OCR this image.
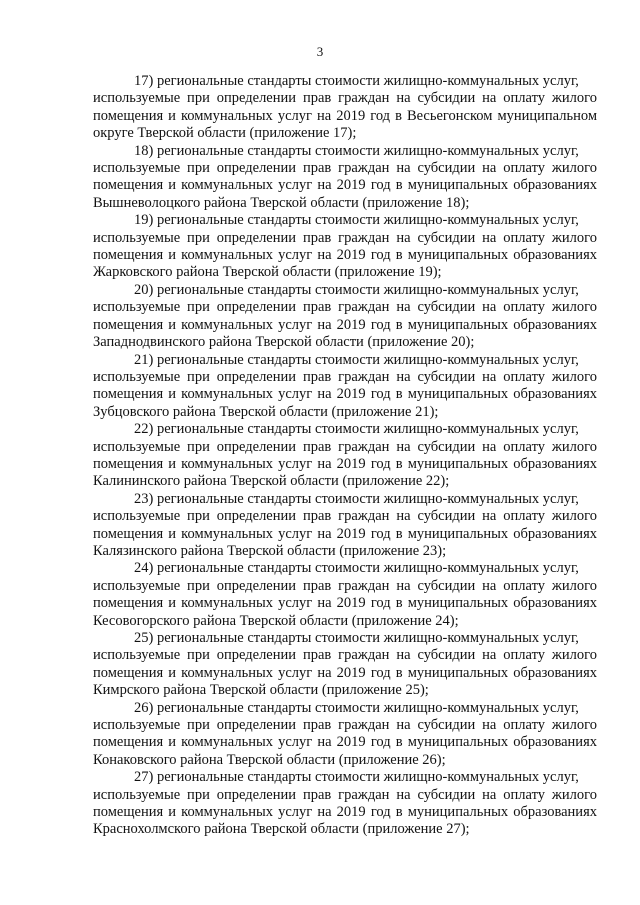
3

17) региональные стандарты стоимости жилищно-коммунальных услуг,
используемые при определении прав граждан на субсидии на оплату жилого помещения и коммунальных услуг на 2019 год в Весьегонском муниципальном округе Тверской области (приложение 17);

18) региональные стандарты стоимости жилищно-коммунальных услуг,
используемые при определении прав граждан на субсидии на оплату жилого помещения и коммунальных услуг на 2019 год в муниципальных образованиях Вышневолоцкого района Тверской области (приложение 18);

19) региональные стандарты стоимости жилищно-коммунальных услуг,
используемые при определении прав граждан на субсидии на оплату жилого помещения и коммунальных услуг на 2019 год в муниципальных образованиях Жарковского района Тверской области (приложение 19);

20) региональные стандарты стоимости жилищно-коммунальных услуг,
используемые при определении прав граждан на субсидии на оплату жилого помещения и коммунальных услуг на 2019 год в муниципальных образованиях Западнодвинского района Тверской области (приложение 20);

21) региональные стандарты стоимости жилищно-коммунальных услуг,
используемые при определении прав граждан на субсидии на оплату жилого помещения и коммунальных услуг на 2019 год в муниципальных образованиях Зубцовского района Тверской области (приложение 21);

22) региональные стандарты стоимости жилищно-коммунальных услуг,
используемые при определении прав граждан на субсидии на оплату жилого помещения и коммунальных услуг на 2019 год в муниципальных образованиях Калининского района Тверской области (приложение 22);

23) региональные стандарты стоимости жилищно-коммунальных услуг,
используемые при определении прав граждан на субсидии на оплату жилого помещения и коммунальных услуг на 2019 год в муниципальных образованиях Калязинского района Тверской области (приложение 23);

24) региональные стандарты стоимости жилищно-коммунальных услуг,
используемые при определении прав граждан на субсидии на оплату жилого помещения и коммунальных услуг на 2019 год в муниципальных образованиях Кесовогорского района Тверской области (приложение 24);

25) региональные стандарты стоимости жилищно-коммунальных услуг,
используемые при определении прав граждан на субсидии на оплату жилого помещения и коммунальных услуг на 2019 год в муниципальных образованиях Кимрского района Тверской области (приложение 25);

26) региональные стандарты стоимости жилищно-коммунальных услуг,
используемые при определении прав граждан на субсидии на оплату жилого помещения и коммунальных услуг на 2019 год в муниципальных образованиях Конаковского района Тверской области (приложение 26);

27) региональные стандарты стоимости жилищно-коммунальных услуг,
используемые при определении прав граждан на субсидии на оплату жилого помещения и коммунальных услуг на 2019 год в муниципальных образованиях Краснохолмского района Тверской области (приложение 27);
